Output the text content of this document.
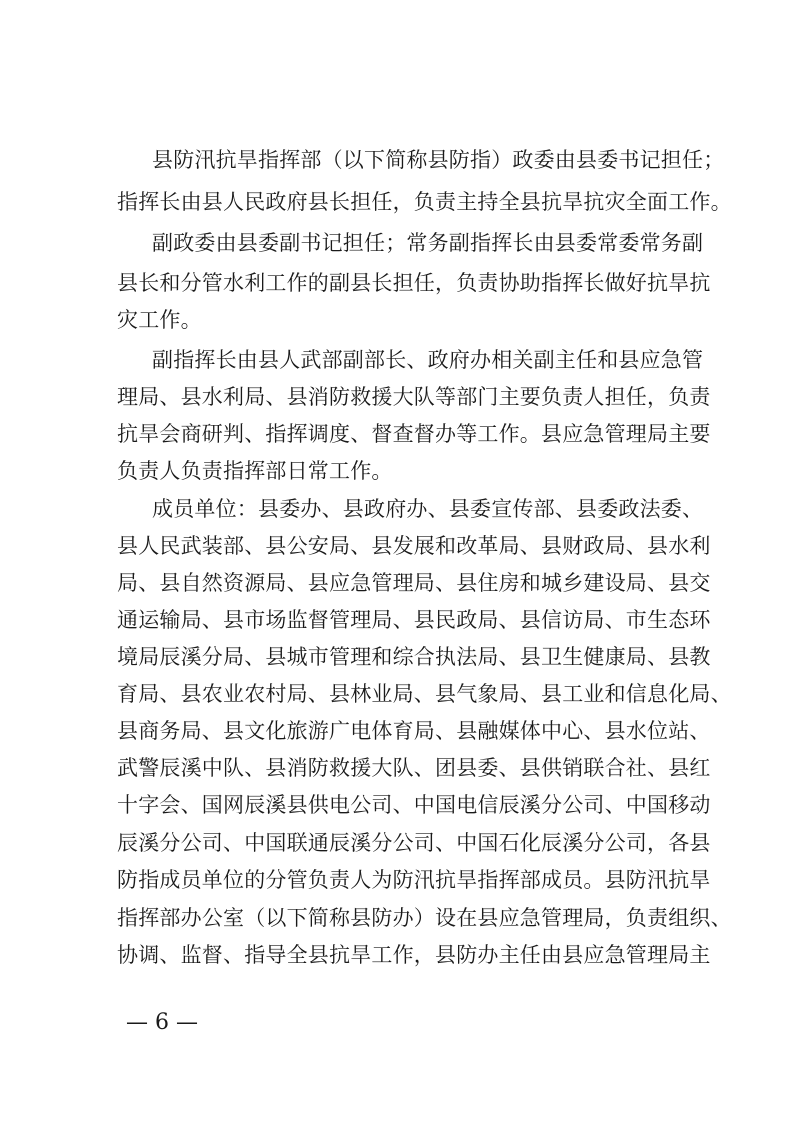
县防汛抗旱指挥部（以下简称县防指）政委由县委书记担任；
指挥长由县人民政府县长担任，负责主持全县抗旱抗灾全面工作。
副政委由县委副书记担任；常务副指挥长由县委常委常务副
县长和分管水利工作的副县长担任，负责协助指挥长做好抗旱抗
灾工作。
副指挥长由县人武部副部长、政府办相关副主任和县应急管
理局、县水利局、县消防救援大队等部门主要负责人担任，负责
抗旱会商研判、指挥调度、督查督办等工作。县应急管理局主要
负责人负责指挥部日常工作。
成员单位：县委办、县政府办、县委宣传部、县委政法委、
县人民武装部、县公安局、县发展和改革局、县财政局、县水利
局、县自然资源局、县应急管理局、县住房和城乡建设局、县交
通运输局、县市场监督管理局、县民政局、县信访局、市生态环
境局辰溪分局、县城市管理和综合执法局、县卫生健康局、县教
育局、县农业农村局、县林业局、县气象局、县工业和信息化局、
县商务局、县文化旅游广电体育局、县融媒体中心、县水位站、
武警辰溪中队、县消防救援大队、团县委、县供销联合社、县红
十字会、国网辰溪县供电公司、中国电信辰溪分公司、中国移动
辰溪分公司、中国联通辰溪分公司、中国石化辰溪分公司，各县
防指成员单位的分管负责人为防汛抗旱指挥部成员。县防汛抗旱
指挥部办公室（以下简称县防办）设在县应急管理局，负责组织、
协调、监督、指导全县抗旱工作，县防办主任由县应急管理局主
— 6 —
